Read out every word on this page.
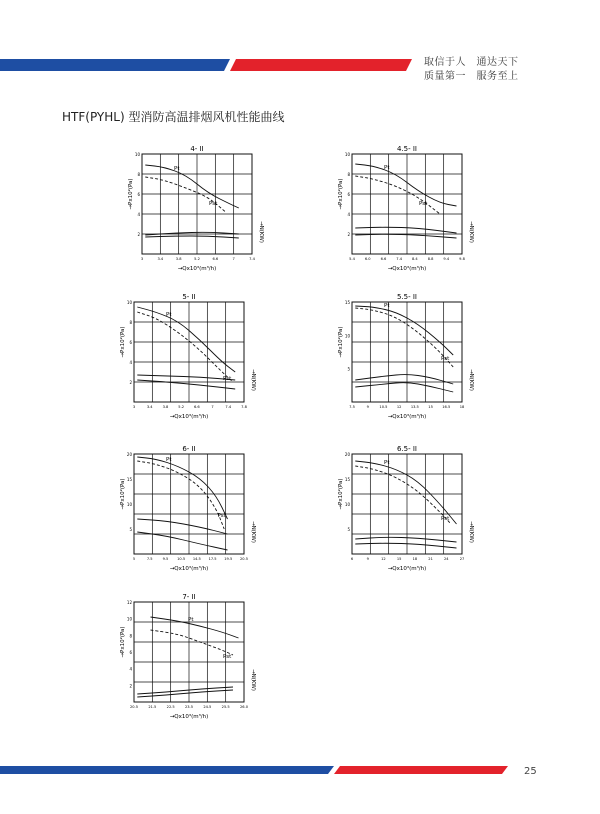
取信于人　通达天下
质量第一　服务至上
HTF(PYHL) 型消防高温排烟风机性能曲线
4- II
10
8
6
4
2
3	3.4	3.8	5.2	6.6	7	7.4
→Px10²(Pa)
→Qx10³(m³/h)
→N(KW)
Pt
Pst
4.5- II
10
8
6
4
2
5.4	6.0	6.6	7.4	8.4	8.8	9.4	9.8
→Px10²(Pa)
→Qx10³(m³/h)
→N(KW)
Pt
Pst
5- II
10
8
6
4
2
3	3.4	3.8	5.2	6.6	7	7.4	7.8
→Px10²(Pa)
→Qx10³(m³/h)
→N(KW)
Pt
Pst
5.5- II
15
10
5
7.5	9	10.5	12	13.5	15	16.5	18
→Px10²(Pa)
→Qx10³(m³/h)
→N(KW)
Pt
Pst
6- II
20
15
10
5
5	7.5	9.5 10.5 14.5 17.5 19.5 20.5
→Px10²(Pa)
→Qx10³(m³/h)
→N(KW)
Pt
Pst
6.5- II
20
15
10
5
6	9	12	15	18	21	24	27
→Px10²(Pa)
→Qx10³(m³/h)
→N(KW)
Pt
Pst
7- II
12
10
8
6
4
2
20.5	21.5	22.5	23.5	24.5	25.5	26.0
→Px10²(Pa)
→Qx10³(m³/h)
→N(KW)
Pt
Pst
25
